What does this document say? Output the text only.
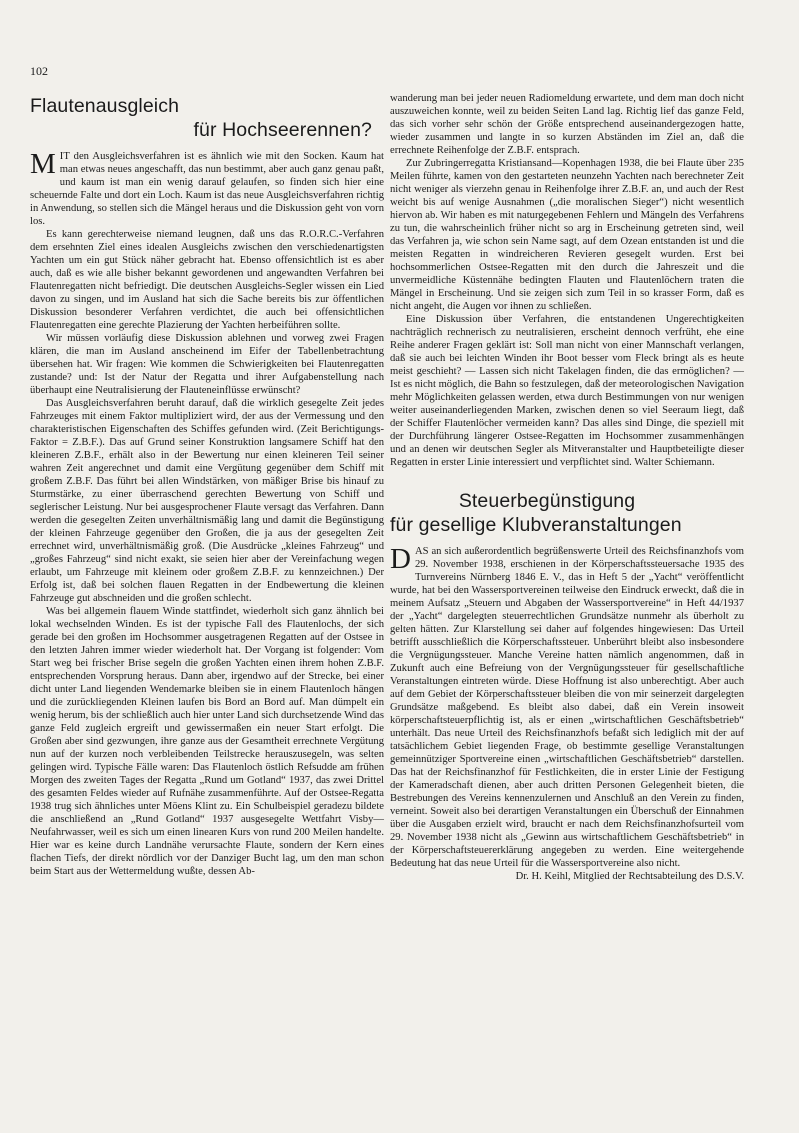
102
Flautenausgleich
für Hochseerennen?

MIT den Ausgleichsverfahren ist es ähnlich wie mit den Socken. Kaum hat man etwas neues angeschafft, das nun bestimmt, aber auch ganz genau paßt, und kaum ist man ein wenig darauf gelaufen, so finden sich hier eine scheuernde Falte und dort ein Loch. Kaum ist das neue Ausgleichsverfahren richtig in Anwendung, so stellen sich die Mängel heraus und die Diskussion geht von vorn los.

Es kann gerechterweise niemand leugnen, daß uns das R.O.R.C.-Verfahren dem ersehnten Ziel eines idealen Ausgleichs zwischen den verschiedenartigsten Yachten um ein gut Stück näher gebracht hat. Ebenso offensichtlich ist es aber auch, daß es wie alle bisher bekannt gewordenen und angewandten Verfahren bei Flautenregatten nicht befriedigt. Die deutschen Ausgleichs-Segler wissen ein Lied davon zu singen, und im Ausland hat sich die Sache bereits bis zur öffentlichen Diskussion besonderer Verfahren verdichtet, die auch bei offensichtlichen Flautenregatten eine gerechte Plazierung der Yachten herbeiführen sollte.

Wir müssen vorläufig diese Diskussion ablehnen und vorweg zwei Fragen klären, die man im Ausland anscheinend im Eifer der Tabellenbetrachtung übersehen hat. Wir fragen: Wie kommen die Schwierigkeiten bei Flautenregatten zustande? und: Ist der Natur der Regatta und ihrer Aufgabenstellung nach überhaupt eine Neutralisierung der Flauteneinflüsse erwünscht?

Das Ausgleichsverfahren beruht darauf, daß die wirklich gesegelte Zeit jedes Fahrzeuges mit einem Faktor multipliziert wird, der aus der Vermessung und den charakteristischen Eigenschaften des Schiffes gefunden wird. (Zeit Berichtigungs-Faktor = Z.B.F.). Das auf Grund seiner Konstruktion langsamere Schiff hat den kleineren Z.B.F., erhält also in der Bewertung nur einen kleineren Teil seiner wahren Zeit angerechnet und damit eine Vergütung gegenüber dem Schiff mit großem Z.B.F. Das führt bei allen Windstärken, von mäßiger Brise bis hinauf zu Sturmstärke, zu einer überraschend gerechten Bewertung von Schiff und seglerischer Leistung. Nur bei ausgesprochener Flaute versagt das Verfahren. Dann werden die gesegelten Zeiten unverhältnismäßig lang und damit die Begünstigung der kleinen Fahrzeuge gegenüber den Großen, die ja aus der gesegelten Zeit errechnet wird, unverhältnismäßig groß. (Die Ausdrücke „kleines Fahrzeug“ und „großes Fahrzeug“ sind nicht exakt, sie seien hier aber der Vereinfachung wegen erlaubt, um Fahrzeuge mit kleinem oder großem Z.B.F. zu kennzeichnen.) Der Erfolg ist, daß bei solchen flauen Regatten in der Endbewertung die kleinen Fahrzeuge gut abschneiden und die großen schlecht.

Was bei allgemein flauem Winde stattfindet, wiederholt sich ganz ähnlich bei lokal wechselnden Winden. Es ist der typische Fall des Flautenlochs, der sich gerade bei den großen im Hochsommer ausgetragenen Regatten auf der Ostsee in den letzten Jahren immer wieder wiederholt hat. Der Vorgang ist folgender: Vom Start weg bei frischer Brise segeln die großen Yachten einen ihrem hohen Z.B.F. entsprechenden Vorsprung heraus. Dann aber, irgendwo auf der Strecke, bei einer dicht unter Land liegenden Wendemarke bleiben sie in einem Flautenloch hängen und die zurückliegenden Kleinen laufen bis Bord an Bord auf. Man dümpelt ein wenig herum, bis der schließlich auch hier unter Land sich durchsetzende Wind das ganze Feld zugleich ergreift und gewissermaßen ein neuer Start erfolgt. Die Großen aber sind gezwungen, ihre ganze aus der Gesamtheit errechnete Vergütung nun auf der kurzen noch verbleibenden Teilstrecke herauszusegeln, was selten gelingen wird. Typische Fälle waren: Das Flautenloch östlich Refsudde am frühen Morgen des zweiten Tages der Regatta „Rund um Gotland“ 1937, das zwei Drittel des gesamten Feldes wieder auf Rufnähe zusammenführte. Auf der Ostsee-Regatta 1938 trug sich ähnliches unter Möens Klint zu. Ein Schulbeispiel geradezu bildete die anschließend an „Rund Gotland“ 1937 ausgesegelte Wettfahrt Visby—Neufahrwasser, weil es sich um einen linearen Kurs von rund 200 Meilen handelte. Hier war es keine durch Landnähe verursachte Flaute, sondern der Kern eines flachen Tiefs, der direkt nördlich vor der Danziger Bucht lag, um den man schon beim Start aus der Wettermeldung wußte, dessen Ab-

wanderung man bei jeder neuen Radiomeldung erwartete, und dem man doch nicht auszuweichen konnte, weil zu beiden Seiten Land lag. Richtig lief das ganze Feld, das sich vorher sehr schön der Größe entsprechend auseinandergezogen hatte, wieder zusammen und langte in so kurzen Abständen im Ziel an, daß die errechnete Reihenfolge der Z.B.F. entsprach.

Zur Zubringerregatta Kristiansand—Kopenhagen 1938, die bei Flaute über 235 Meilen führte, kamen von den gestarteten neunzehn Yachten nach berechneter Zeit nicht weniger als vierzehn genau in Reihenfolge ihrer Z.B.F. an, und auch der Rest weicht bis auf wenige Ausnahmen („die moralischen Sieger“) nicht wesentlich hiervon ab. Wir haben es mit naturgegebenen Fehlern und Mängeln des Verfahrens zu tun, die wahrscheinlich früher nicht so arg in Erscheinung getreten sind, weil das Verfahren ja, wie schon sein Name sagt, auf dem Ozean entstanden ist und die meisten Regatten in windreicheren Revieren gesegelt wurden. Erst bei hochsommerlichen Ostsee-Regatten mit den durch die Jahreszeit und die unvermeidliche Küstennähe bedingten Flauten und Flautenlöchern traten die Mängel in Erscheinung. Und sie zeigen sich zum Teil in so krasser Form, daß es nicht angeht, die Augen vor ihnen zu schließen.

Eine Diskussion über Verfahren, die entstandenen Ungerechtigkeiten nachträglich rechnerisch zu neutralisieren, erscheint dennoch verfrüht, ehe eine Reihe anderer Fragen geklärt ist: Soll man nicht von einer Mannschaft verlangen, daß sie auch bei leichten Winden ihr Boot besser vom Fleck bringt als es heute meist geschieht? — Lassen sich nicht Takelagen finden, die das ermöglichen? — Ist es nicht möglich, die Bahn so festzulegen, daß der meteorologischen Navigation mehr Möglichkeiten gelassen werden, etwa durch Bestimmungen von nur wenigen weiter auseinanderliegenden Marken, zwischen denen so viel Seeraum liegt, daß der Schiffer Flautenlöcher vermeiden kann? Das alles sind Dinge, die speziell mit der Durchführung längerer Ostsee-Regatten im Hochsommer zusammenhängen und an denen wir deutschen Segler als Mitveranstalter und Hauptbeteiligte dieser Regatten in erster Linie interessiert und verpflichtet sind. Walter Schiemann.

Steuerbegünstigung
für gesellige Klubveranstaltungen

DAS an sich außerordentlich begrüßenswerte Urteil des Reichsfinanzhofs vom 29. November 1938, erschienen in der Körperschaftssteuersache 1935 des Turnvereins Nürnberg 1846 E. V., das in Heft 5 der „Yacht“ veröffentlicht wurde, hat bei den Wassersportvereinen teilweise den Eindruck erweckt, daß die in meinem Aufsatz „Steuern und Abgaben der Wassersportvereine“ in Heft 44/1937 der „Yacht“ dargelegten steuerrechtlichen Grundsätze nunmehr als überholt zu gelten hätten. Zur Klarstellung sei daher auf folgendes hingewiesen: Das Urteil betrifft ausschließlich die Körperschaftssteuer. Unberührt bleibt also insbesondere die Vergnügungssteuer. Manche Vereine hatten nämlich angenommen, daß in Zukunft auch eine Befreiung von der Vergnügungssteuer für gesellschaftliche Veranstaltungen eintreten würde. Diese Hoffnung ist also unberechtigt. Aber auch auf dem Gebiet der Körperschaftssteuer bleiben die von mir seinerzeit dargelegten Grundsätze maßgebend. Es bleibt also dabei, daß ein Verein insoweit körperschaftsteuerpflichtig ist, als er einen „wirtschaftlichen Geschäftsbetrieb“ unterhält. Das neue Urteil des Reichsfinanzhofs befaßt sich lediglich mit der auf tatsächlichem Gebiet liegenden Frage, ob bestimmte gesellige Veranstaltungen gemeinnütziger Sportvereine einen „wirtschaftlichen Geschäftsbetrieb“ darstellen. Das hat der Reichsfinanzhof für Festlichkeiten, die in erster Linie der Festigung der Kameradschaft dienen, aber auch dritten Personen Gelegenheit bieten, die Bestrebungen des Vereins kennenzulernen und Anschluß an den Verein zu finden, verneint. Soweit also bei derartigen Veranstaltungen ein Überschuß der Einnahmen über die Ausgaben erzielt wird, braucht er nach dem Reichsfinanzhofsurteil vom 29. November 1938 nicht als „Gewinn aus wirtschaftlichem Geschäftsbetrieb“ in der Körperschaftsteuererklärung angegeben zu werden. Eine weitergehende Bedeutung hat das neue Urteil für die Wassersportvereine also nicht.

Dr. H. Keihl, Mitglied der Rechtsabteilung des D.S.V.
